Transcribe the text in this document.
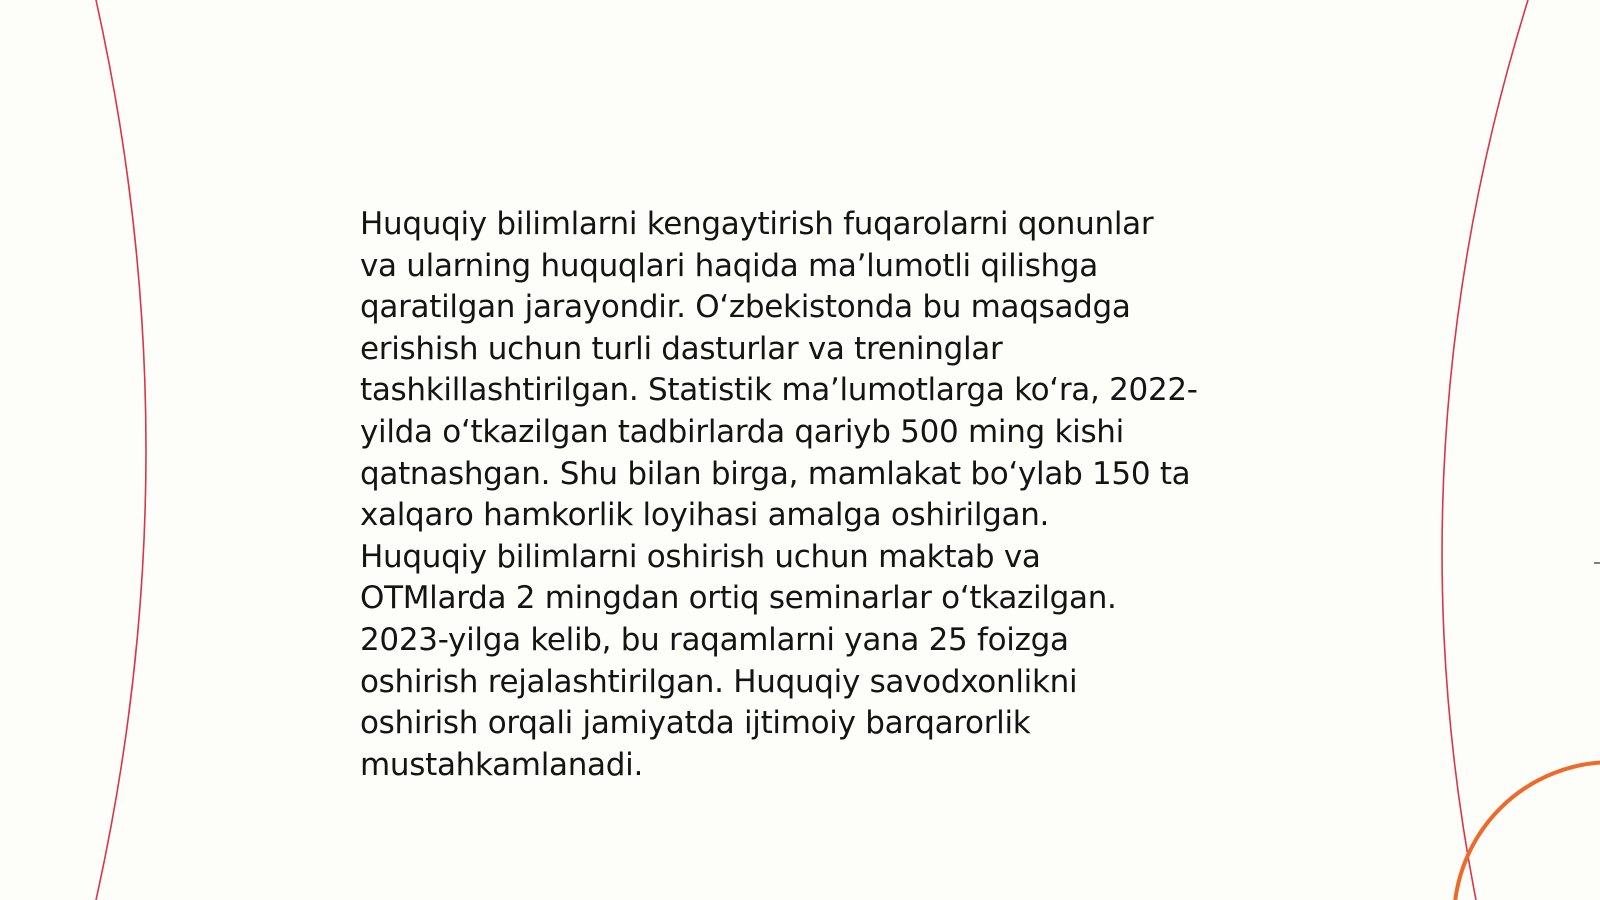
Huquqiy bilimlarni kengaytirish fuqarolarni qonunlar
va ularning huquqlari haqida maʼlumotli qilishga
qaratilgan jarayondir. Oʻzbekistonda bu maqsadga
erishish uchun turli dasturlar va treninglar
tashkillashtirilgan. Statistik maʼlumotlarga koʻra, 2022-
yilda oʻtkazilgan tadbirlarda qariyb 500 ming kishi
qatnashgan. Shu bilan birga, mamlakat boʻylab 150 ta
xalqaro hamkorlik loyihasi amalga oshirilgan.
Huquqiy bilimlarni oshirish uchun maktab va
OTMlarda 2 mingdan ortiq seminarlar oʻtkazilgan.
2023-yilga kelib, bu raqamlarni yana 25 foizga
oshirish rejalashtirilgan. Huquqiy savodxonlikni
oshirish orqali jamiyatda ijtimoiy barqarorlik
mustahkamlanadi.
